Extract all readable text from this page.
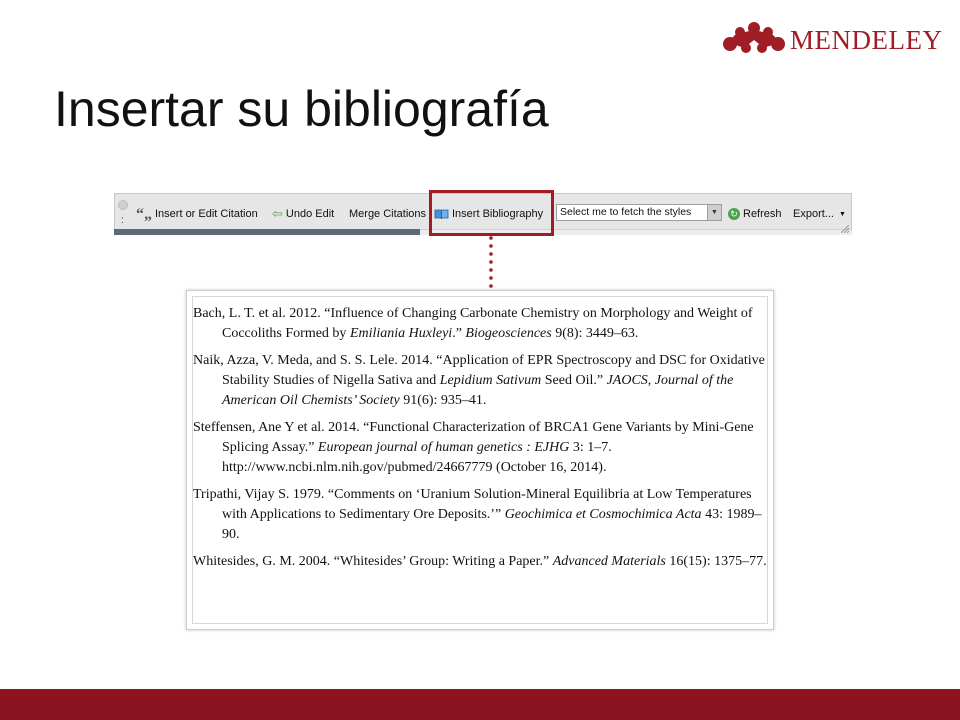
MENDELEY
Insertar su bibliografía
: “„ Insert or Edit Citation ⇦ Undo Edit Merge Citations Insert Bibliography	Select me to fetch the styles	▼	↻ Refresh Export... ▼

Bach, L. T. et al. 2012. “Influence of Changing Carbonate Chemistry on Morphology and Weight of Coccoliths Formed by Emiliania Huxleyi.” Biogeosciences 9(8): 3449–63.

Naik, Azza, V. Meda, and S. S. Lele. 2014. “Application of EPR Spectroscopy and DSC for Oxidative Stability Studies of Nigella Sativa and Lepidium Sativum Seed Oil.” JAOCS, Journal of the American Oil Chemists’ Society 91(6): 935–41.

Steffensen, Ane Y et al. 2014. “Functional Characterization of BRCA1 Gene Variants by Mini-Gene Splicing Assay.” European journal of human genetics : EJHG 3: 1–7. http://www.ncbi.nlm.nih.gov/pubmed/24667779 (October 16, 2014).

Tripathi, Vijay S. 1979. “Comments on ‘Uranium Solution-Mineral Equilibria at Low Temperatures with Applications to Sedimentary Ore Deposits.’” Geochimica et Cosmochimica Acta 43: 1989–90.

Whitesides, G. M. 2004. “Whitesides’ Group: Writing a Paper.” Advanced Materials 16(15): 1375–77.
